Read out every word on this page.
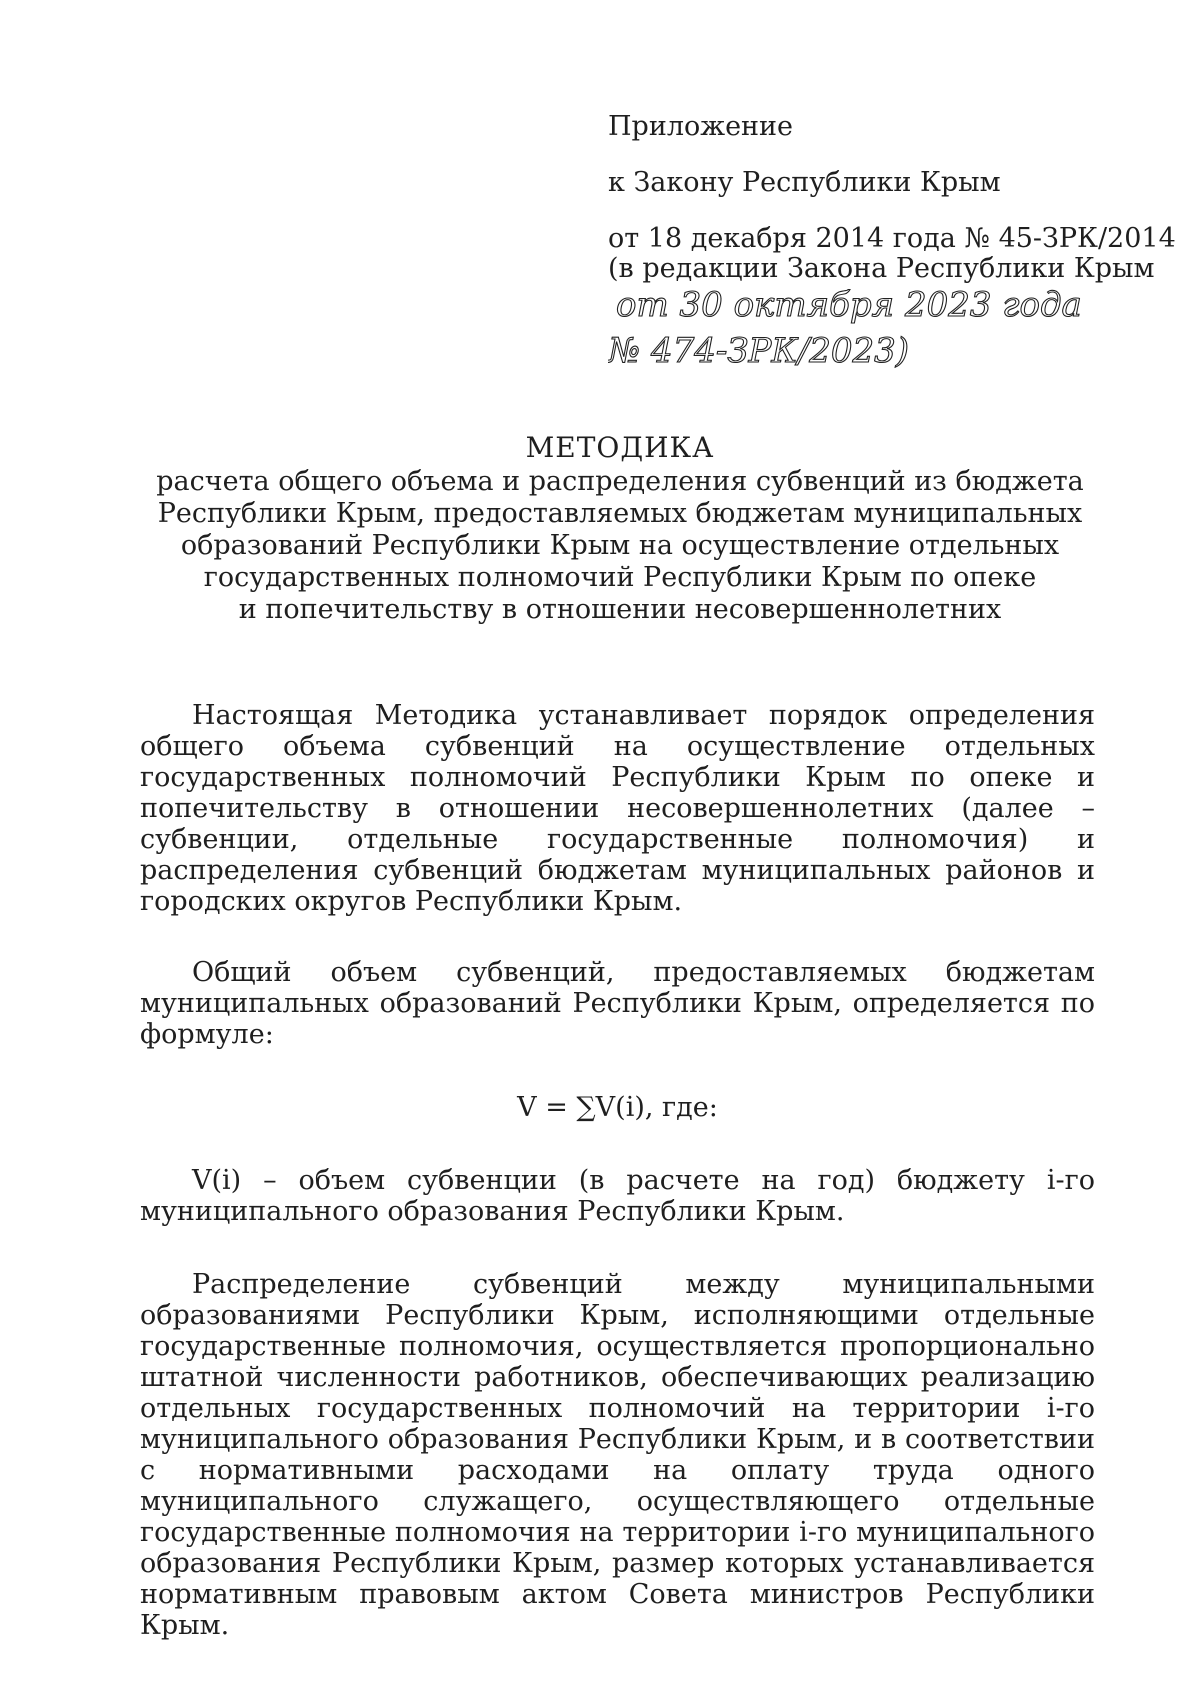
Приложение
к Закону Республики Крым
от 18 декабря 2014 года № 45-ЗРК/2014
(в редакции Закона Республики Крым
от 30 октября 2023 года
№ 474-ЗРК/2023)
МЕТОДИКА
расчета общего объема и распределения субвенций из бюджета
Республики Крым, предоставляемых бюджетам муниципальных
образований Республики Крым на осуществление отдельных
государственных полномочий Республики Крым по опеке
и попечительству в отношении несовершеннолетних

Настоящая Методика устанавливает порядок определения общего объема субвенций на осуществление отдельных государственных полномочий Республики Крым по опеке и попечительству в отношении несовершеннолетних (далее – субвенции, отдельные государственные полномочия) и распределения субвенций бюджетам муниципальных районов и городских округов Республики Крым.

Общий объем субвенций, предоставляемых бюджетам муниципальных образований Республики Крым, определяется по формуле:

V = ∑V(i), где:

V(i) – объем субвенции (в расчете на год) бюджету i-го муниципального образования Республики Крым.

Распределение субвенций между муниципальными образованиями Республики Крым, исполняющими отдельные государственные полномочия, осуществляется пропорционально штатной численности работников, обеспечивающих реализацию отдельных государственных полномочий на территории i-го муниципального образования Республики Крым, и в соответствии с нормативными расходами на оплату труда одного муниципального служащего, осуществляющего отдельные государственные полномочия на территории i-го муниципального образования Республики Крым, размер которых устанавливается нормативным правовым актом Совета министров Республики Крым.
